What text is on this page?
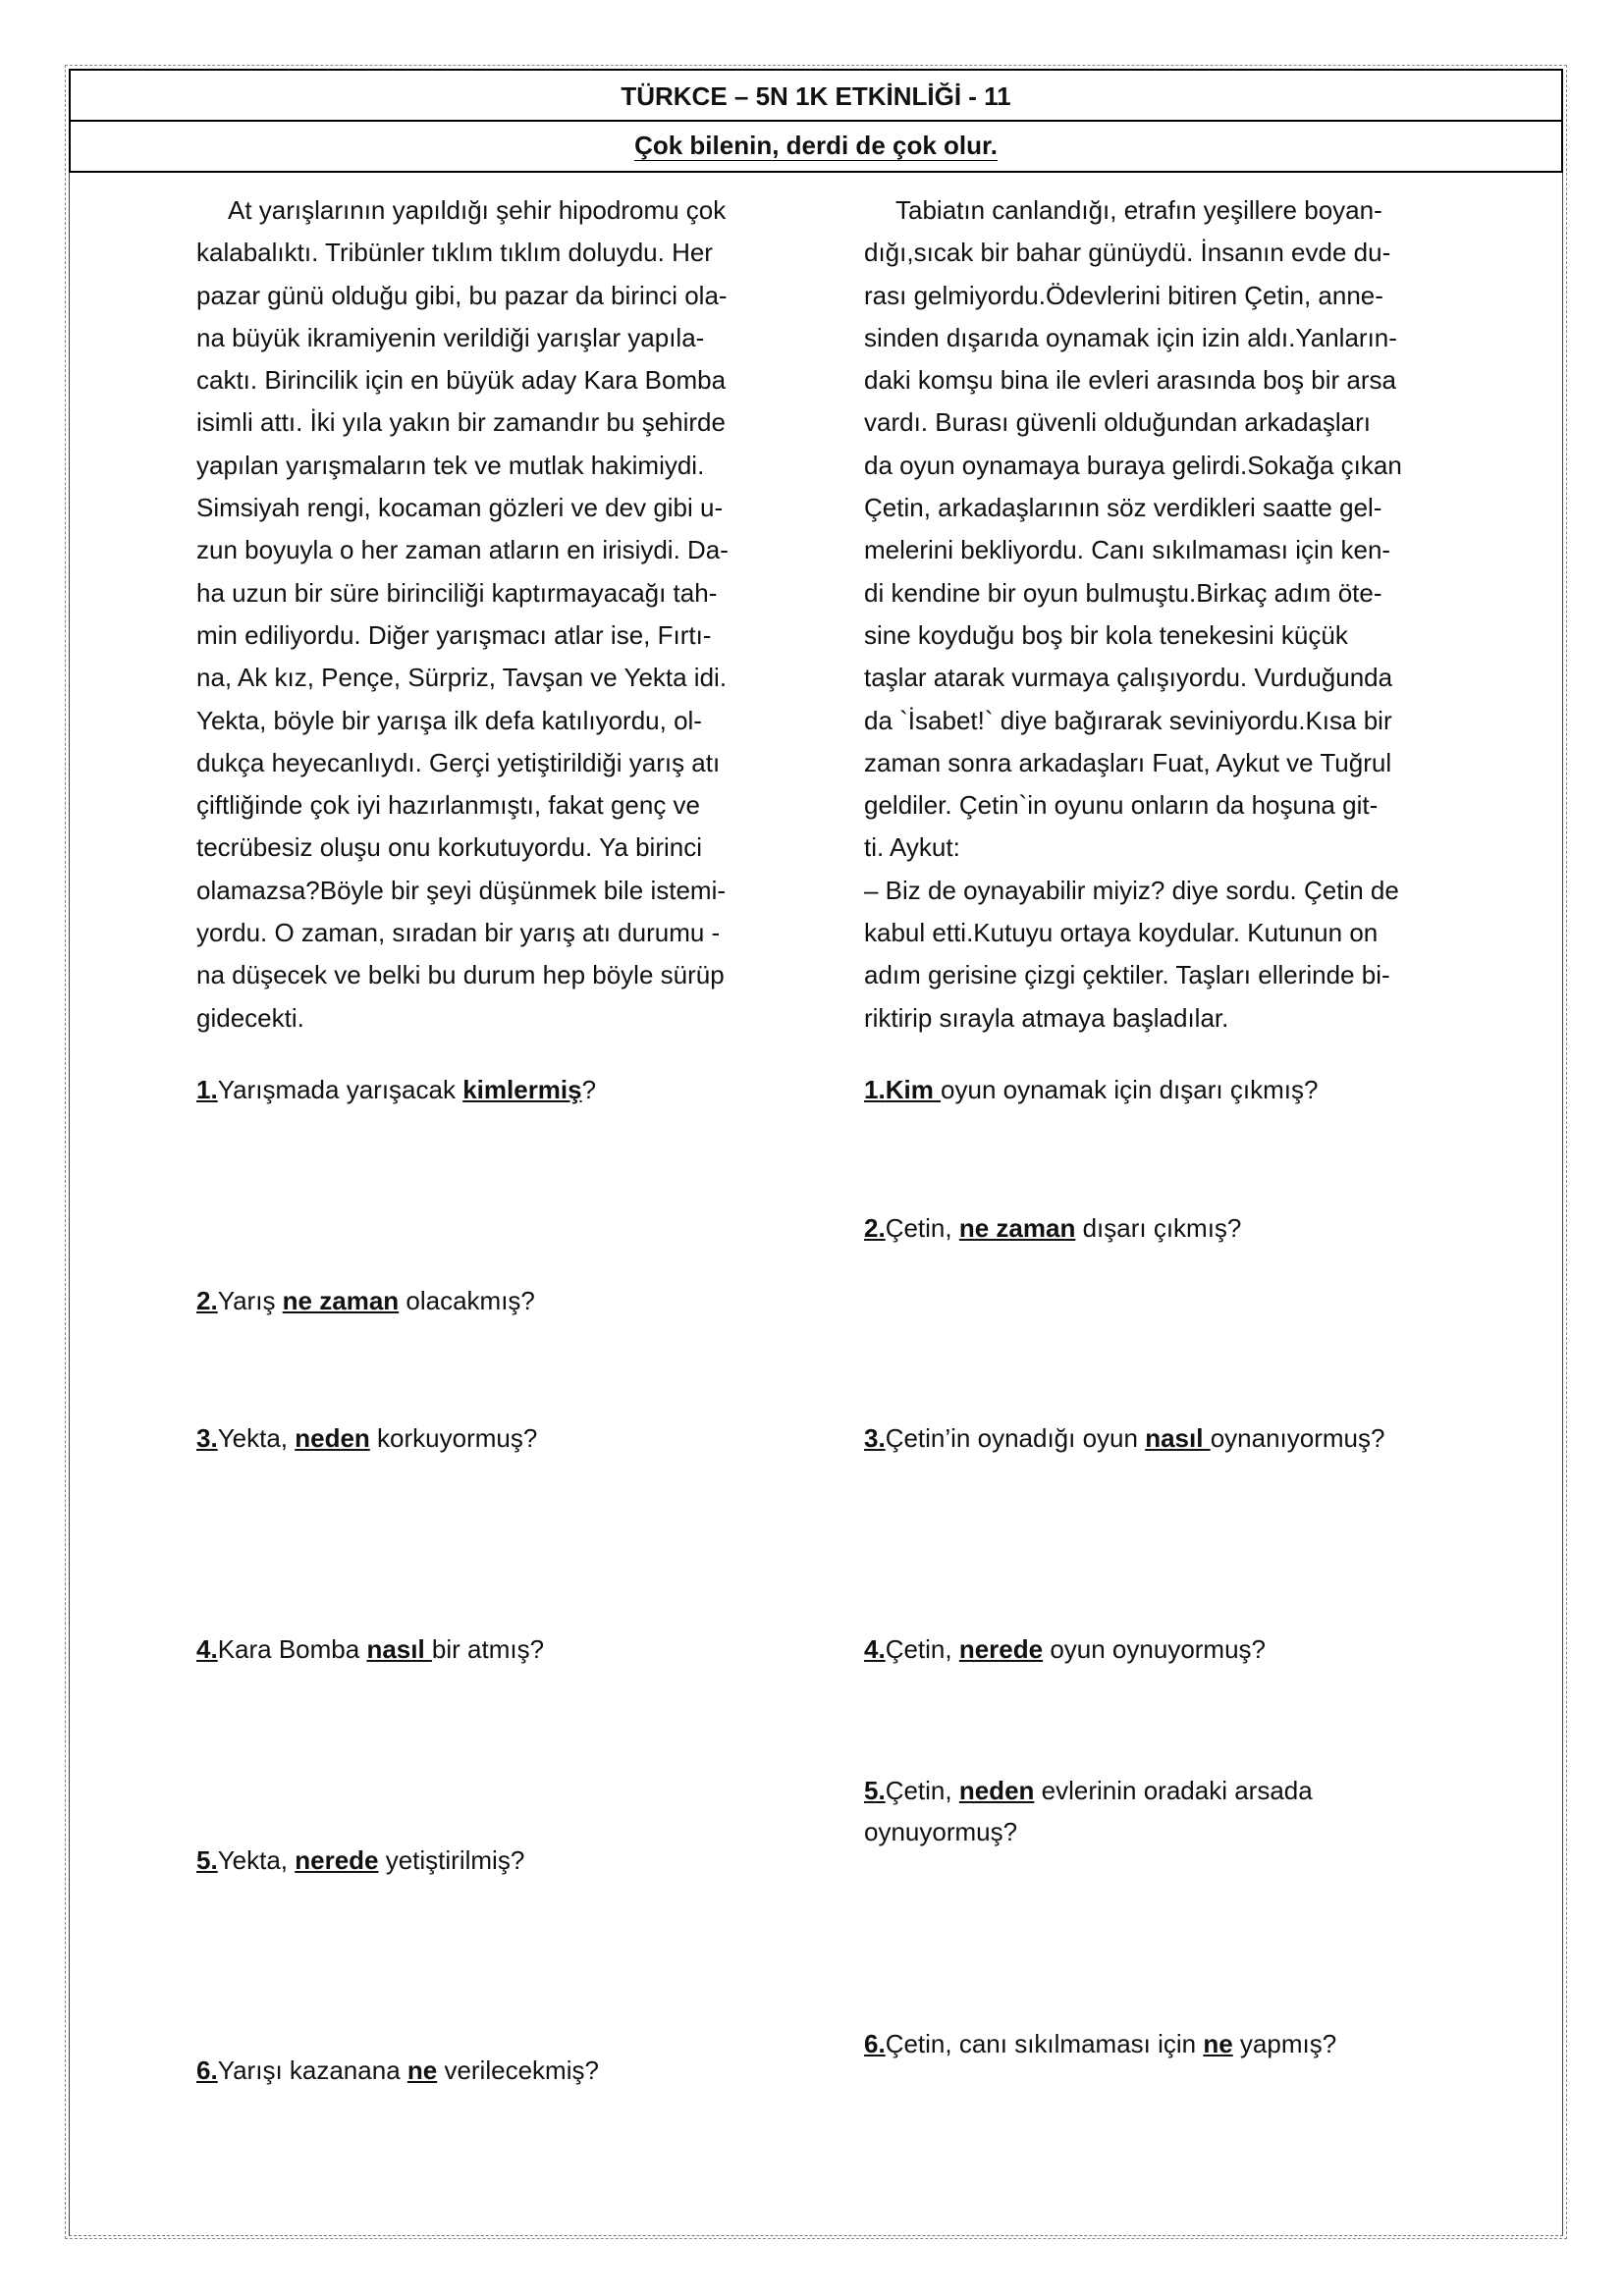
TÜRKCE – 5N 1K ETKİNLİĞİ - 11
Çok bilenin, derdi de çok olur.

At yarışlarının yapıldığı şehir hipodromu çok

kalabalıktı. Tribünler tıklım tıklım doluydu. Her

pazar günü olduğu gibi, bu pazar da birinci ola-

na büyük ikramiyenin verildiği yarışlar yapıla-

caktı. Birincilik için en büyük aday Kara Bomba

isimli attı. İki yıla yakın bir zamandır bu şehirde

yapılan yarışmaların tek ve mutlak hakimiydi.

Simsiyah rengi, kocaman gözleri ve dev gibi u-

zun boyuyla o her zaman atların en irisiydi. Da-

ha uzun bir süre birinciliği kaptırmayacağı tah-

min ediliyordu. Diğer yarışmacı atlar ise, Fırtı-

na, Ak kız, Pençe, Sürpriz, Tavşan ve Yekta idi.

Yekta, böyle bir yarışa ilk defa katılıyordu, ol-

dukça heyecanlıydı. Gerçi yetiştirildiği yarış atı

çiftliğinde çok iyi hazırlanmıştı, fakat genç ve

tecrübesiz oluşu onu korkutuyordu. Ya birinci

olamazsa?Böyle bir şeyi düşünmek bile istemi-

yordu. O zaman, sıradan bir yarış atı durumu -

na düşecek ve belki bu durum hep böyle sürüp

gidecekti.

Tabiatın canlandığı, etrafın yeşillere boyan-

dığı,sıcak bir bahar günüydü. İnsanın evde du-

rası gelmiyordu.Ödevlerini bitiren Çetin, anne-

sinden dışarıda oynamak için izin aldı.Yanların-

daki komşu bina ile evleri arasında boş bir arsa

vardı. Burası güvenli olduğundan arkadaşları

da oyun oynamaya buraya gelirdi.Sokağa çıkan

Çetin, arkadaşlarının söz verdikleri saatte gel-

melerini bekliyordu. Canı sıkılmaması için ken-

di kendine bir oyun bulmuştu.Birkaç adım öte-

sine koyduğu boş bir kola tenekesini küçük

taşlar atarak vurmaya çalışıyordu. Vurduğunda

da `İsabet!` diye bağırarak seviniyordu.Kısa bir

zaman sonra arkadaşları Fuat, Aykut ve Tuğrul

geldiler. Çetin`in oyunu onların da hoşuna git-

ti. Aykut:

– Biz de oynayabilir miyiz? diye sordu. Çetin de

kabul etti.Kutuyu ortaya koydular. Kutunun on

adım gerisine çizgi çektiler. Taşları ellerinde bi-

riktirip sırayla atmaya başladılar.

1.Yarışmada yarışacak kimlermiş?
2.Yarış ne zaman olacakmış?
3.Yekta, neden korkuyormuş?
4.Kara Bomba nasıl bir atmış?
5.Yekta, nerede yetiştirilmiş?
6.Yarışı kazanana ne verilecekmiş?
1.Kim oyun oynamak için dışarı çıkmış?
2.Çetin, ne zaman dışarı çıkmış?
3.Çetin’in oynadığı oyun nasıl oynanıyormuş?
4.Çetin, nerede oyun oynuyormuş?
5.Çetin, neden evlerinin oradaki arsada
oynuyormuş?
6.Çetin, canı sıkılmaması için ne yapmış?
